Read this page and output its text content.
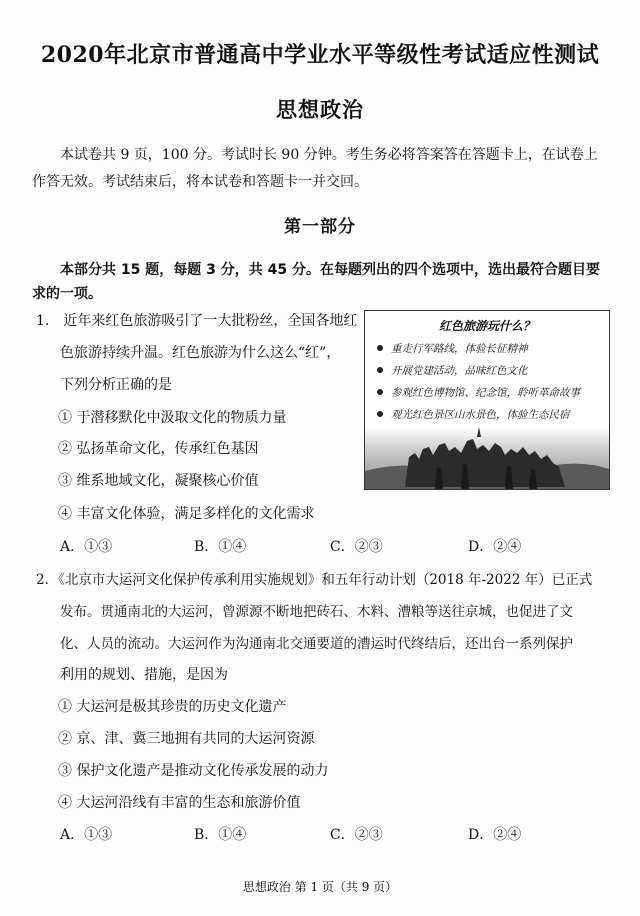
2020年北京市普通高中学业水平等级性考试适应性测试
思想政治
本试卷共 9 页，100 分。考试时长 90 分钟。考生务必将答案答在答题卡上，在试卷上作答无效。考试结束后，将本试卷和答题卡一并交回。
第一部分
本部分共 15 题，每题 3 分，共 45 分。在每题列出的四个选项中，选出最符合题目要求的一项。
1． 近年来红色旅游吸引了一大批粉丝，全国各地红
色旅游持续升温。红色旅游为什么这么“红”，
下列分析正确的是
① 于潜移默化中汲取文化的物质力量
② 弘扬革命文化，传承红色基因
③ 维系地域文化，凝聚核心价值
④ 丰富文化体验，满足多样化的文化需求
A．①③	B．①④	C．②③	D．②④
红色旅游玩什么？
重走行军路线，体验长征精神
开展党建活动，品味红色文化
参观红色博物馆、纪念馆，聆听革命故事
观光红色景区山水景色，体验生态民宿
2．《北京市大运河文化保护传承利用实施规划》和五年行动计划（2018 年-2022 年）已正式
发布。贯通南北的大运河，曾源源不断地把砖石、木料、漕粮等送往京城，也促进了文
化、人员的流动。大运河作为沟通南北交通要道的漕运时代终结后，还出台一系列保护
利用的规划、措施，是因为
① 大运河是极其珍贵的历史文化遗产
② 京、津、冀三地拥有共同的大运河资源
③ 保护文化遗产是推动文化传承发展的动力
④ 大运河沿线有丰富的生态和旅游价值
A．①③	B．①④	C．②③	D．②④
思想政治 第 1 页（共 9 页）
